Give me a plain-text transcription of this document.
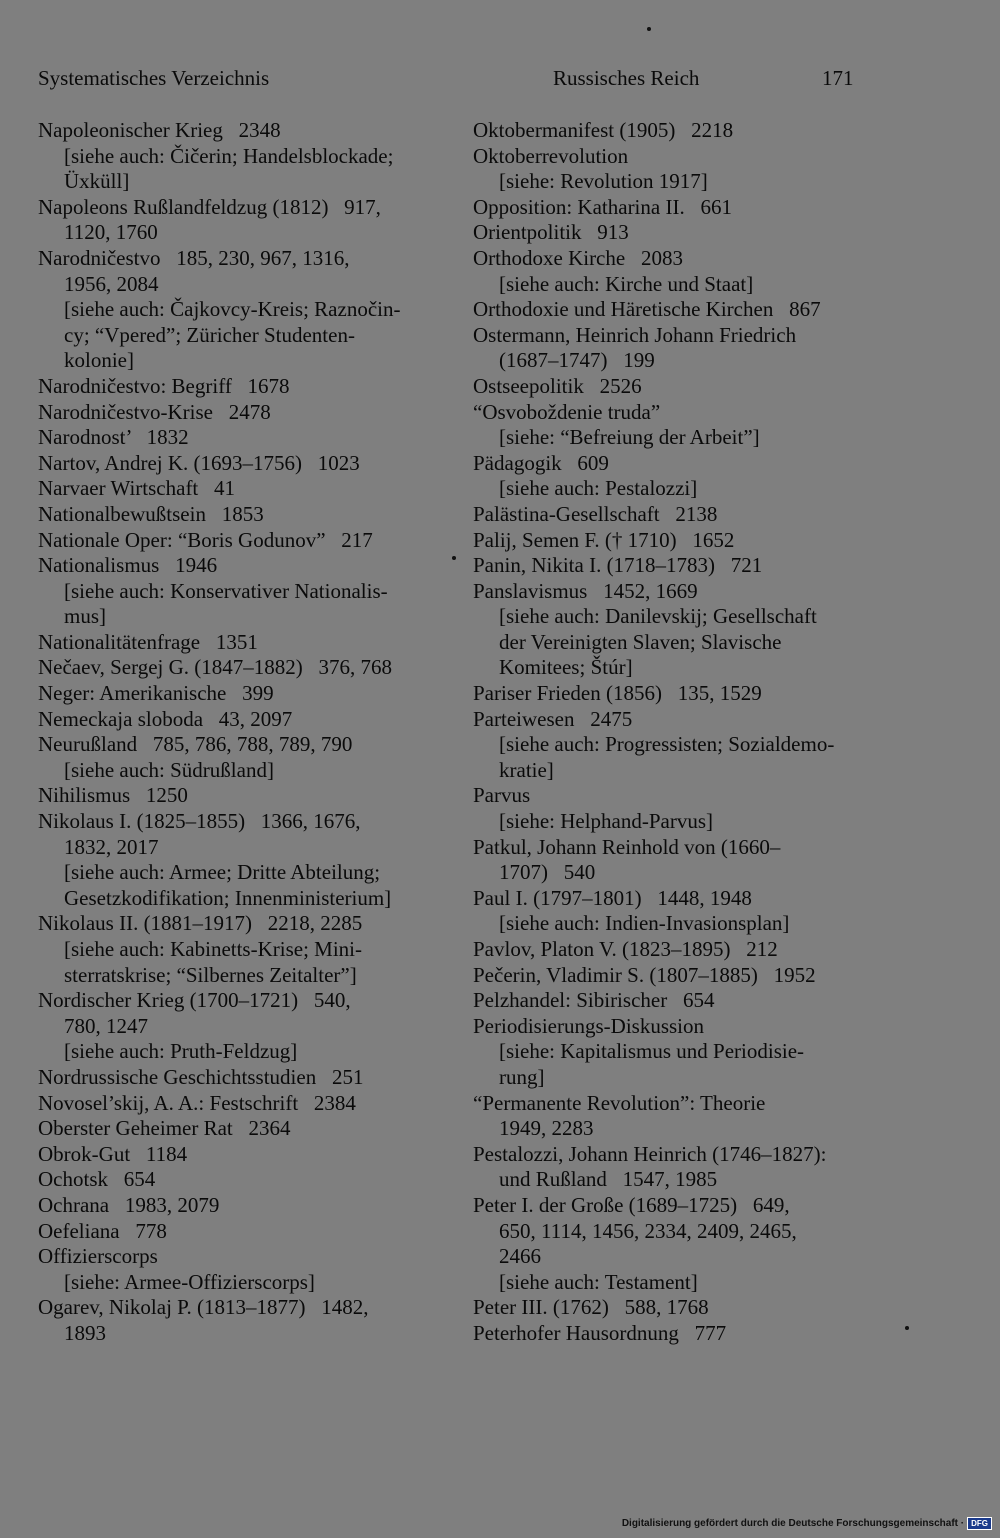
Systematisches Verzeichnis	Russisches Reich	171
Napoleonischer Krieg   2348
[siehe auch: Čičerin; Handelsblockade;
Üxküll]
Napoleons Rußlandfeldzug (1812)   917,
1120, 1760
Narodničestvo   185, 230, 967, 1316,
1956, 2084
[siehe auch: Čajkovcy-Kreis; Raznočin-
cy; “Vpered”; Züricher Studenten-
kolonie]
Narodničestvo: Begriff   1678
Narodničestvo-Krise   2478
Narodnost’   1832
Nartov, Andrej K. (1693–1756)   1023
Narvaer Wirtschaft   41
Nationalbewußtsein   1853
Nationale Oper: “Boris Godunov”   217
Nationalismus   1946
[siehe auch: Konservativer Nationalis-
mus]
Nationalitätenfrage   1351
Nečaev, Sergej G. (1847–1882)   376, 768
Neger: Amerikanische   399
Nemeckaja sloboda   43, 2097
Neurußland   785, 786, 788, 789, 790
[siehe auch: Südrußland]
Nihilismus   1250
Nikolaus I. (1825–1855)   1366, 1676,
1832, 2017
[siehe auch: Armee; Dritte Abteilung;
Gesetzkodifikation; Innenministerium]
Nikolaus II. (1881–1917)   2218, 2285
[siehe auch: Kabinetts-Krise; Mini-
sterratskrise; “Silbernes Zeitalter”]
Nordischer Krieg (1700–1721)   540,
780, 1247
[siehe auch: Pruth-Feldzug]
Nordrussische Geschichtsstudien   251
Novosel’skij, A. A.: Festschrift   2384
Oberster Geheimer Rat   2364
Obrok-Gut   1184
Ochotsk   654
Ochrana   1983, 2079
Oefeliana   778
Offizierscorps
[siehe: Armee-Offizierscorps]
Ogarev, Nikolaj P. (1813–1877)   1482,
1893
Oktobermanifest (1905)   2218
Oktoberrevolution
[siehe: Revolution 1917]
Opposition: Katharina II.   661
Orientpolitik   913
Orthodoxe Kirche   2083
[siehe auch: Kirche und Staat]
Orthodoxie und Häretische Kirchen   867
Ostermann, Heinrich Johann Friedrich
(1687–1747)   199
Ostseepolitik   2526
“Osvoboždenie truda”
[siehe: “Befreiung der Arbeit”]
Pädagogik   609
[siehe auch: Pestalozzi]
Palästina-Gesellschaft   2138
Palij, Semen F. († 1710)   1652
Panin, Nikita I. (1718–1783)   721
Panslavismus   1452, 1669
[siehe auch: Danilevskij; Gesellschaft
der Vereinigten Slaven; Slavische
Komitees; Štúr]
Pariser Frieden (1856)   135, 1529
Parteiwesen   2475
[siehe auch: Progressisten; Sozialdemo-
kratie]
Parvus
[siehe: Helphand-Parvus]
Patkul, Johann Reinhold von (1660–
1707)   540
Paul I. (1797–1801)   1448, 1948
[siehe auch: Indien-Invasionsplan]
Pavlov, Platon V. (1823–1895)   212
Pečerin, Vladimir S. (1807–1885)   1952
Pelzhandel: Sibirischer   654
Periodisierungs-Diskussion
[siehe: Kapitalismus und Periodisie-
rung]
“Permanente Revolution”: Theorie
1949, 2283
Pestalozzi, Johann Heinrich (1746–1827):
und Rußland   1547, 1985
Peter I. der Große (1689–1725)   649,
650, 1114, 1456, 2334, 2409, 2465,
2466
[siehe auch: Testament]
Peter III. (1762)   588, 1768
Peterhofer Hausordnung   777
Digitalisierung gefördert durch die Deutsche Forschungsgemeinschaft · DFG
